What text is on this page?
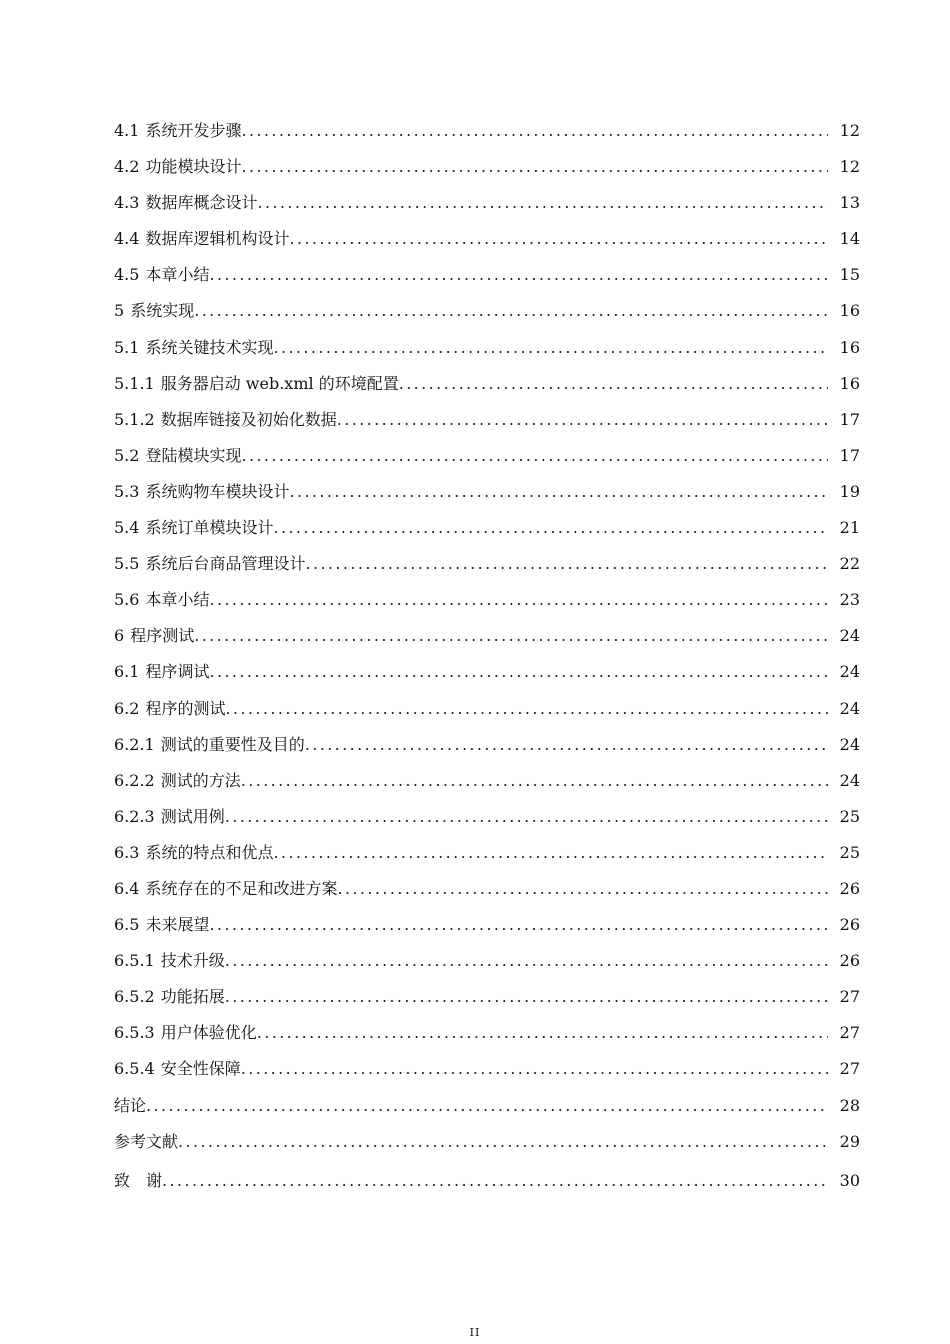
4.1 系统开发步骤 .....	12
4.2 功能模块设计 .....	12
4.3 数据库概念设计 .....	13
4.4 数据库逻辑机构设计 .....	14
4.5 本章小结 .....	15
5 系统实现 .....	16
5.1 系统关键技术实现 .....	16
5.1.1 服务器启动 web.xml 的环境配置 .....	16
5.1.2 数据库链接及初始化数据 .....	17
5.2 登陆模块实现 .....	17
5.3 系统购物车模块设计 .....	19
5.4 系统订单模块设计 .....	21
5.5 系统后台商品管理设计 .....	22
5.6 本章小结 .....	23
6 程序测试 .....	24
6.1 程序调试 .....	24
6.2 程序的测试 .....	24
6.2.1 测试的重要性及目的 .....	24
6.2.2 测试的方法 .....	24
6.2.3 测试用例 .....	25
6.3 系统的特点和优点 .....	25
6.4 系统存在的不足和改进方案 .....	26
6.5 未来展望 .....	26
6.5.1 技术升级 .....	26
6.5.2 功能拓展 .....	27
6.5.3 用户体验优化 .....	27
6.5.4 安全性保障 .....	27
结论 .....	28
参考文献 .....	29
致　谢 .....	30
II
